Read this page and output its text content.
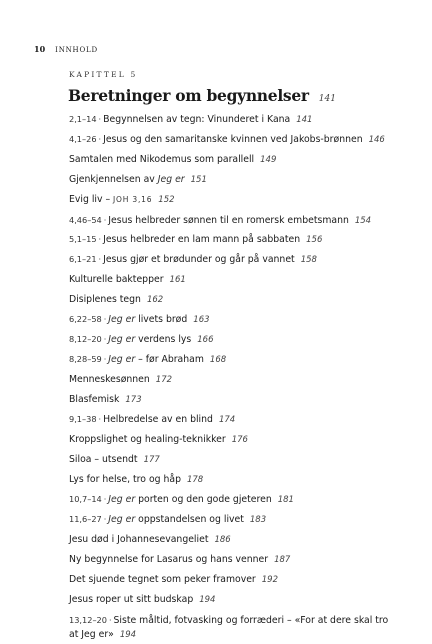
10 INNHOLD
KAPITTEL 5
Beretninger om begynnelser 141
2,1–14 · Begynnelsen av tegn: Vinunderet i Kana 141
4,1–26 · Jesus og den samaritanske kvinnen ved Jakobs-brønnen 146
Samtalen med Nikodemus som parallell 149
Gjenkjennelsen av Jeg er 151
Evig liv – JOH 3,16 152
4,46–54 · Jesus helbreder sønnen til en romersk embetsmann 154
5,1–15 · Jesus helbreder en lam mann på sabbaten 156
6,1–21 · Jesus gjør et brødunder og går på vannet 158
Kulturelle baktepper 161
Disiplenes tegn 162
6,22–58 · Jeg er livets brød 163
8,12–20 · Jeg er verdens lys 166
8,28–59 · Jeg er – før Abraham 168
Menneskesønnen 172
Blasfemisk 173
9,1–38 · Helbredelse av en blind 174
Kroppslighet og healing-teknikker 176
Siloa – utsendt 177
Lys for helse, tro og håp 178
10,7–14 · Jeg er porten og den gode gjeteren 181
11,6–27 · Jeg er oppstandelsen og livet 183
Jesu død i Johannesevangeliet 186
Ny begynnelse for Lasarus og hans venner 187
Det sjuende tegnet som peker framover 192
Jesus roper ut sitt budskap 194
13,12–20 · Siste måltid, fotvasking og forræderi – «For at dere skal tro at Jeg er» 194
